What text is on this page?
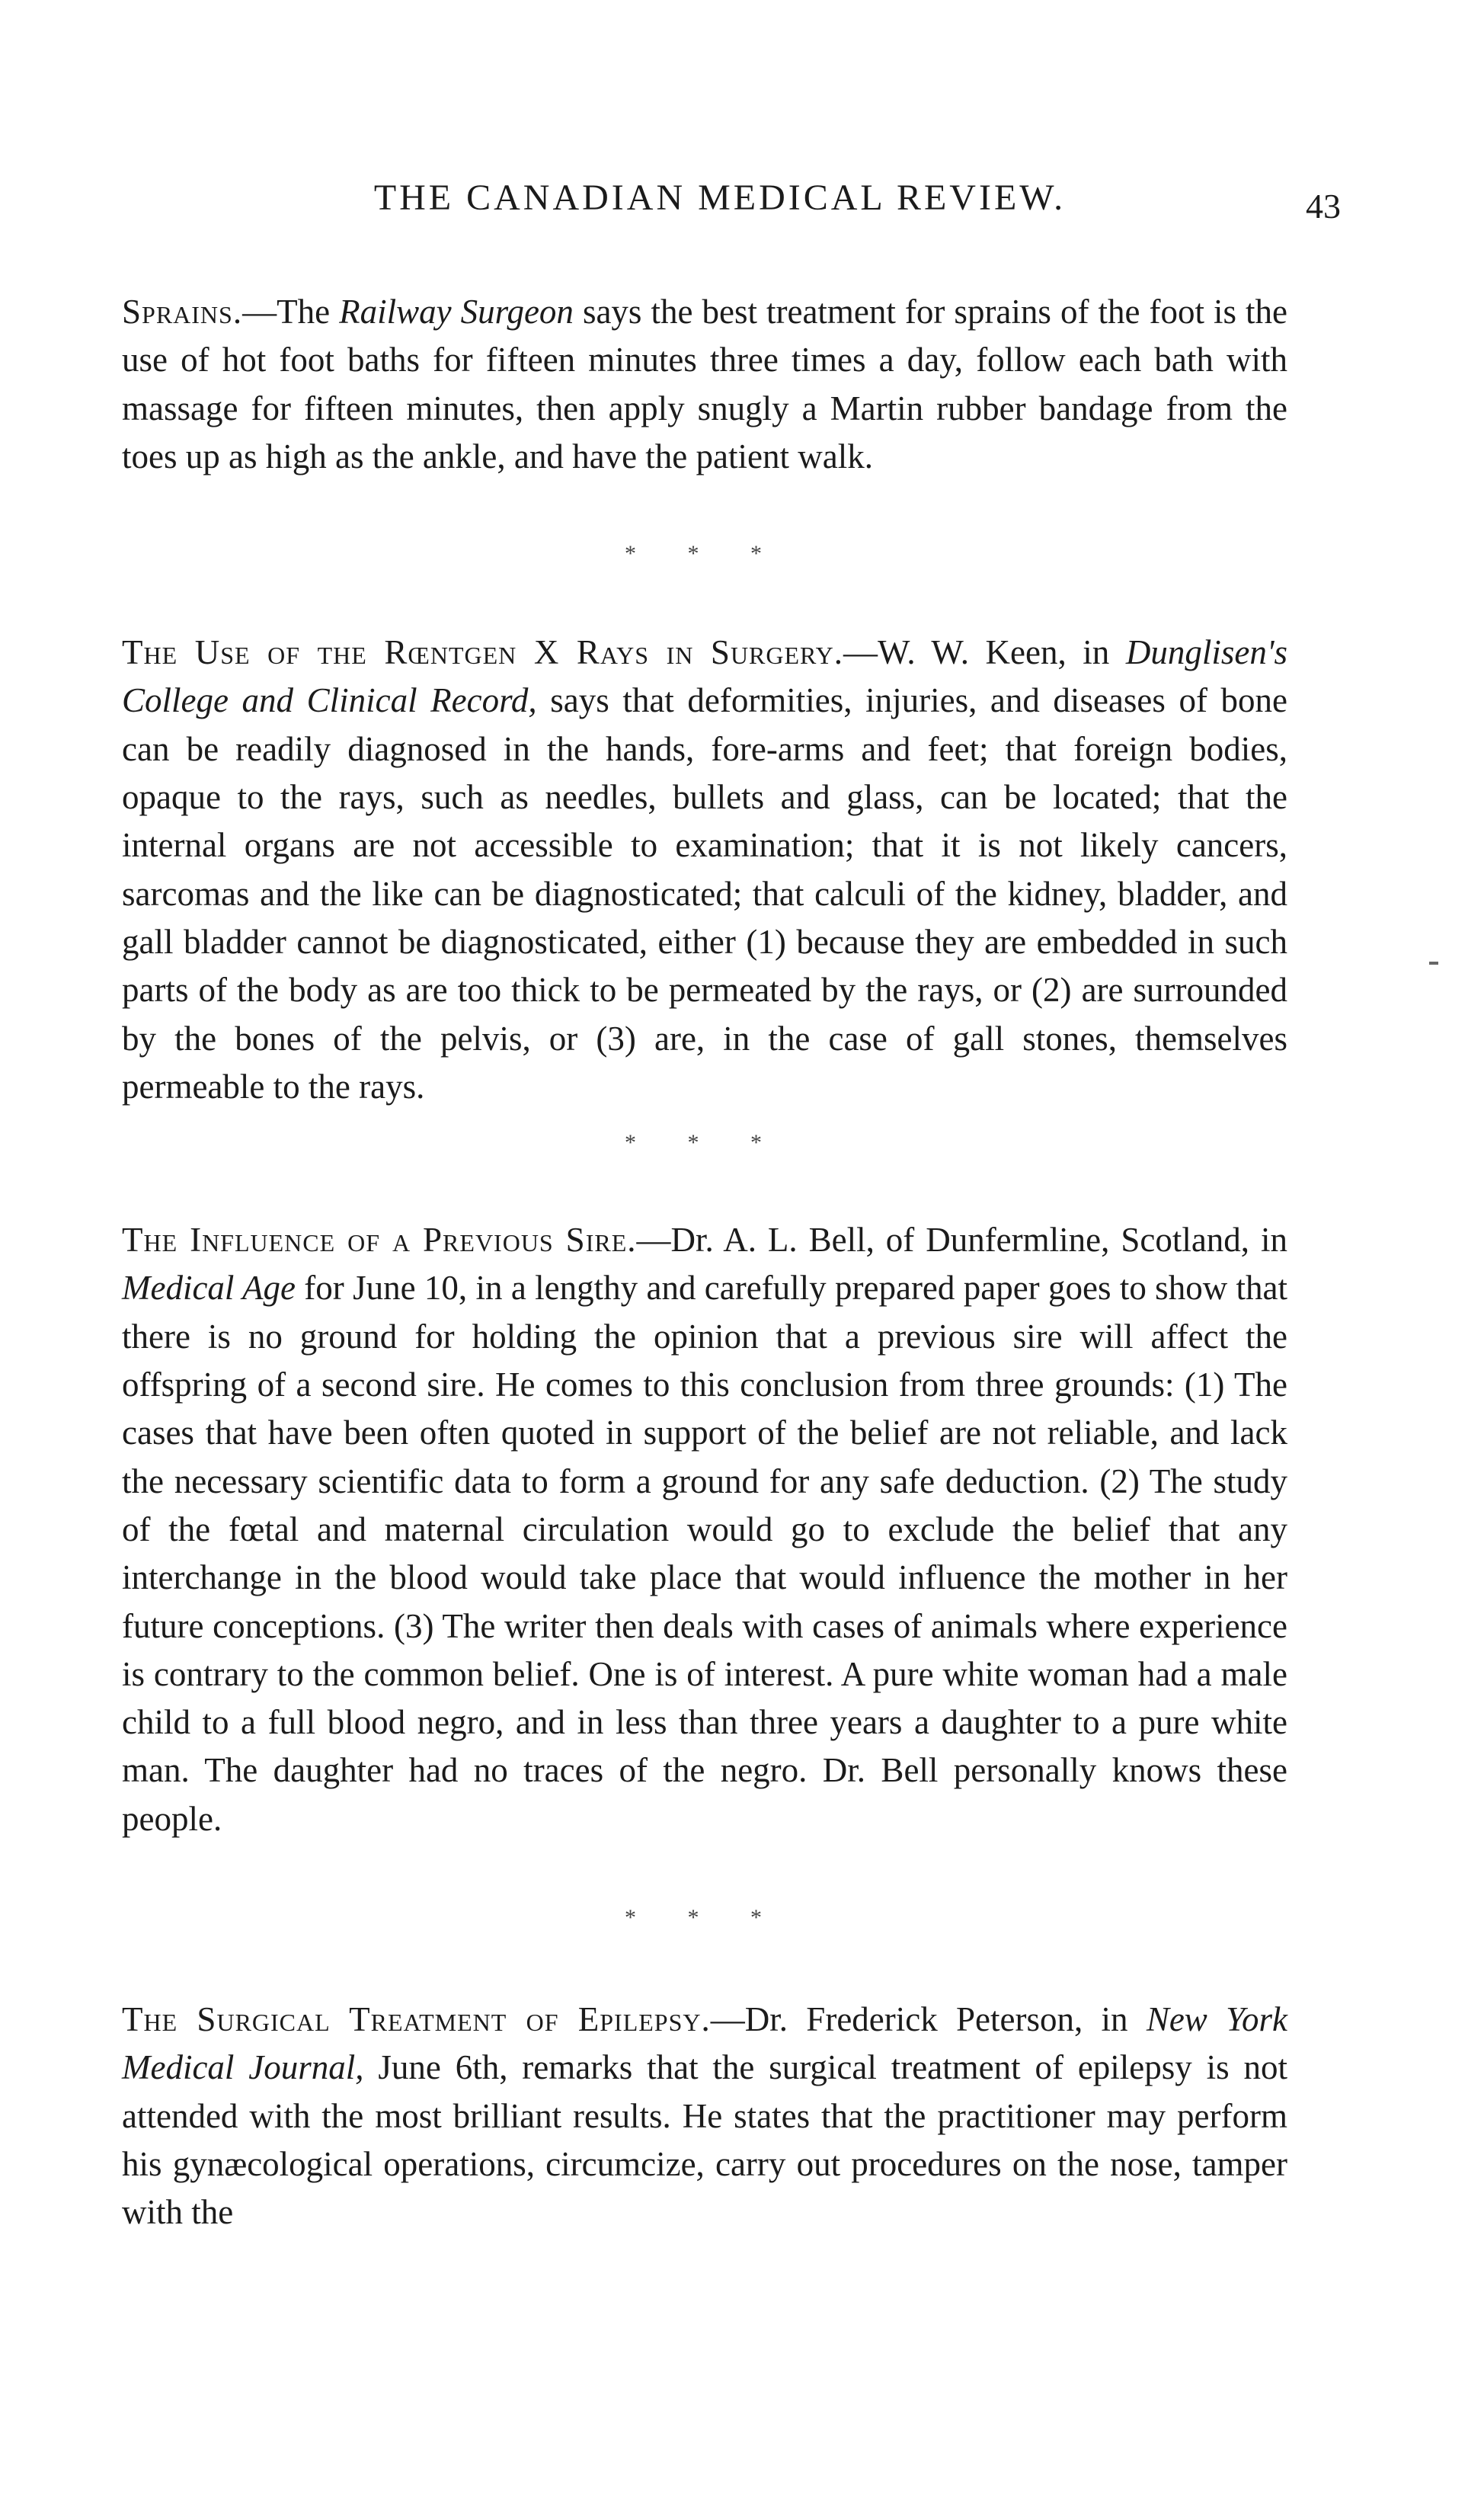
THE CANADIAN MEDICAL REVIEW.	43

Sprains.—The Railway Surgeon says the best treatment for sprains of the foot is the use of hot foot baths for fifteen minutes three times a day, follow each bath with massage for fifteen minutes, then apply snugly a Martin rubber bandage from the toes up as high as the ankle, and have the patient walk.

* * *

The Use of the Rœntgen X Rays in Surgery.—W. W. Keen, in Dunglisen's College and Clinical Record, says that deformities, injuries, and diseases of bone can be readily diagnosed in the hands, fore-arms and feet; that foreign bodies, opaque to the rays, such as needles, bullets and glass, can be located; that the internal organs are not accessible to examination; that it is not likely cancers, sarcomas and the like can be diagnosticated; that calculi of the kidney, bladder, and gall bladder cannot be diagnosticated, either (1) because they are embedded in such parts of the body as are too thick to be permeated by the rays, or (2) are surrounded by the bones of the pelvis, or (3) are, in the case of gall stones, themselves permeable to the rays.

* * *

The Influence of a Previous Sire.—Dr. A. L. Bell, of Dunfermline, Scotland, in Medical Age for June 10, in a lengthy and carefully prepared paper goes to show that there is no ground for holding the opinion that a previous sire will affect the offspring of a second sire. He comes to this conclusion from three grounds: (1) The cases that have been often quoted in support of the belief are not reliable, and lack the necessary scientific data to form a ground for any safe deduction. (2) The study of the fœtal and maternal circulation would go to exclude the belief that any interchange in the blood would take place that would influence the mother in her future conceptions. (3) The writer then deals with cases of animals where experience is contrary to the common belief. One is of interest. A pure white woman had a male child to a full blood negro, and in less than three years a daughter to a pure white man. The daughter had no traces of the negro. Dr. Bell personally knows these people.

* * *

The Surgical Treatment of Epilepsy.—Dr. Frederick Peterson, in New York Medical Journal, June 6th, remarks that the surgical treatment of epilepsy is not attended with the most brilliant results. He states that the practitioner may perform his gynæcological operations, circumcize, carry out procedures on the nose, tamper with the
